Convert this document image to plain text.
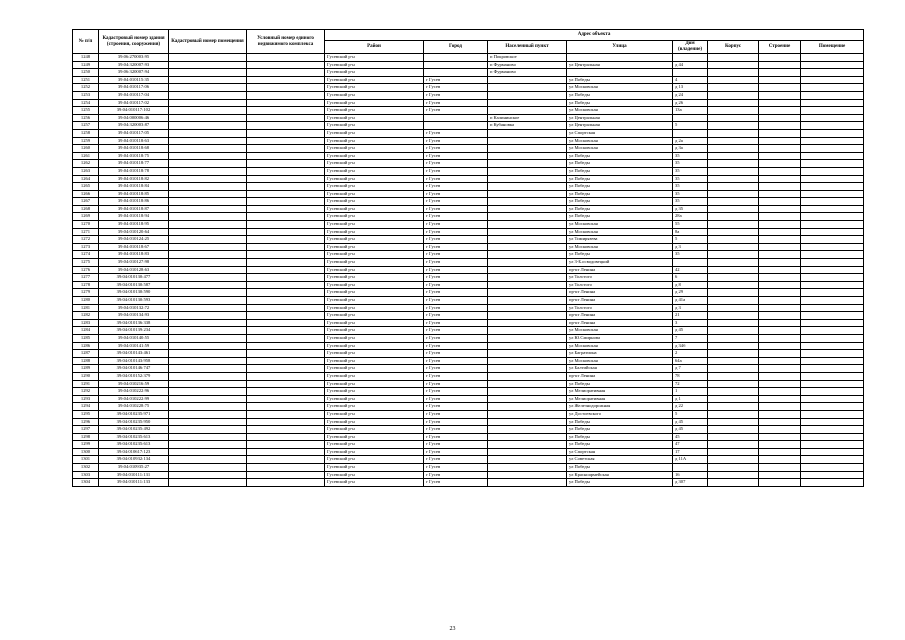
№ п/п	Кадастровый номер здания (строения, сооружения)	Кадастровый номер помещения	Условный номер единого недвижимого комплекса	Адрес объекта							
				Район	Город	Населенный пункт	Улица	Дом (владение)	Корпус	Строение	Помещение
1248	39:06:270003:95			Гусевский р-н		п Покровское					
1249	39:04:320007:93			Гусевский р-н		п Фурманово	ул Центральная	д 44			
1250	39:06:320007:94			Гусевский р-н		п Фурманово					
1251	39:04:010115:35			Гусевский р-н	г Гусев		ул Победы	4			
1252	39:04:010117:06			Гусевский р-н	г Гусев		ул Московская	д 13			
1253	39:04:010117:04			Гусевский р-н	г Гусев		ул Победы	д 24			
1254	39:04:010117:02			Гусевский р-н	г Гусев		ул Победы	д 26			
1255	39:04:010117:102			Гусевский р-н	г Гусев		ул Московская	13а			
1256	39:04:000006:46			Гусевский р-н		п Калининское	ул Центральная				
1257	39:04:320003:87			Гусевский р-н		п Кубановка	ул Центральная	5			
1258	39:04:010117:05			Гусевский р-н	г Гусев		ул Спортская				
1259	39:04:010118:63			Гусевский р-н	г Гусев		ул Московская	д 2а			
1260	39:04:010118:68			Гусевский р-н	г Гусев		ул Московская	д 3а			
1261	39:04:010118:75			Гусевский р-н	г Гусев		ул Победы	35			
1262	39:04:010118:77			Гусевский р-н	г Гусев		ул Победы	35			
1263	39:04:010118:78			Гусевский р-н	г Гусев		ул Победы	35			
1264	39:04:010118:82			Гусевский р-н	г Гусев		ул Победы	35			
1265	39:04:010118:84			Гусевский р-н	г Гусев		ул Победы	35			
1266	39:04:010118:85			Гусевский р-н	г Гусев		ул Победы	35			
1267	39:04:010118:86			Гусевский р-н	г Гусев		ул Победы	35			
1268	39:04:010118:87			Гусевский р-н	г Гусев		ул Победы	д 35			
1269	39:04:010118:94			Гусевский р-н	г Гусев		ул Победы	28а			
1270	39:04:010118:95			Гусевский р-н	г Гусев		ул Московская	55			
1271	39:04:010120:64			Гусевский р-н	г Гусев		ул Московская	8а			
1272	39:04:010124:25			Гусевский р-н	г Гусев		ул Тимирязева	5			
1273	39:04:010118:67			Гусевский р-н	г Гусев		ул Московская	д 3			
1274	39:04:010118:83			Гусевский р-н	г Гусев		ул Победы	35			
1275	39:04:010127:98			Гусевский р-н	г Гусев		ул 3-Б.осводовецкий				
1276	39:04:010128:63			Гусевский р-н	г Гусев		пр-кт Ленина	42			
1277	39:04:010130:477			Гусевский р-н	г Гусев		ул Толстого	6			
1278	39:04:010130:587			Гусевский р-н	г Гусев		ул Толстого	д 8			
1279	39:04:010130:590			Гусевский р-н	г Гусев		пр-кт Ленина	д 29			
1280	39:04:010130:593			Гусевский р-н	г Гусев		пр-кт Ленина	д 41а			
1281	39:04:010132:72			Гусевский р-н	г Гусев		ул Толстого	д 3			
1282	39:04:010134:93			Гусевский р-н	г Гусев		пр-кт Ленина	21			
1283	39:04:010136:338			Гусевский р-н	г Гусев		пр-кт Ленина	3			
1284	39:04:010139:234			Гусевский р-н	г Гусев		ул Московская	д 45			
1285	39:04:010140:55			Гусевский р-н	г Гусев		ул Ю.Смирнова	7			
1286	39:04:010141:59			Гусевский р-н	г Гусев		ул Московская	д 34б			
1287	39:04:010143:461			Гусевский р-н	г Гусев		ул Багратиона	2			
1288	39:04:010143:958			Гусевский р-н	г Гусев		ул Московская	64а			
1289	39:04:010146:747			Гусевский р-н	г Гусев		ул Балтийская	д 7			
1290	39:04:010152:379			Гусевский р-н	г Гусев		пр-кт Ленина	78			
1291	39:04:010216:59			Гусевский р-н	г Гусев		ул Победы	72			
1292	39:04:010222:96			Гусевский р-н	г Гусев		ул Мелиоративная	1			
1293	39:04:010222:99			Гусевский р-н	г Гусев		ул Мелиоративная	д 1			
1294	39:04:010228:75			Гусевский р-н	г Гусев		ул Железнодорожная	д 22			
1295	39:04:010235:971			Гусевский р-н	г Гусев		ул Достоевского	5			
1296	39:04:010235:950			Гусевский р-н	г Гусев		ул Победы	д 45			
1297	39:04:010235:492			Гусевский р-н	г Гусев		ул Победы	д 45			
1298	39:04:010235:613			Гусевский р-н	г Гусев		ул Победы	45			
1299	39:04:010235:613			Гусевский р-н	г Гусев		ул Победы	47			
1300	39:04:010617:123			Гусевский р-н	г Гусев		ул Спортская	17			
1301	39:04:010932:134			Гусевский р-н	г Гусев		ул Советская	д 11А			
1302	39:04:010935:27			Гусевский р-н	г Гусев		ул Победы				
1303	39:04:010111:131			Гусевский р-н	г Гусев		ул Красноармейская	16			
1304	39:04:010111:133			Гусевский р-н	г Гусев		ул Победы	д 307			
23
